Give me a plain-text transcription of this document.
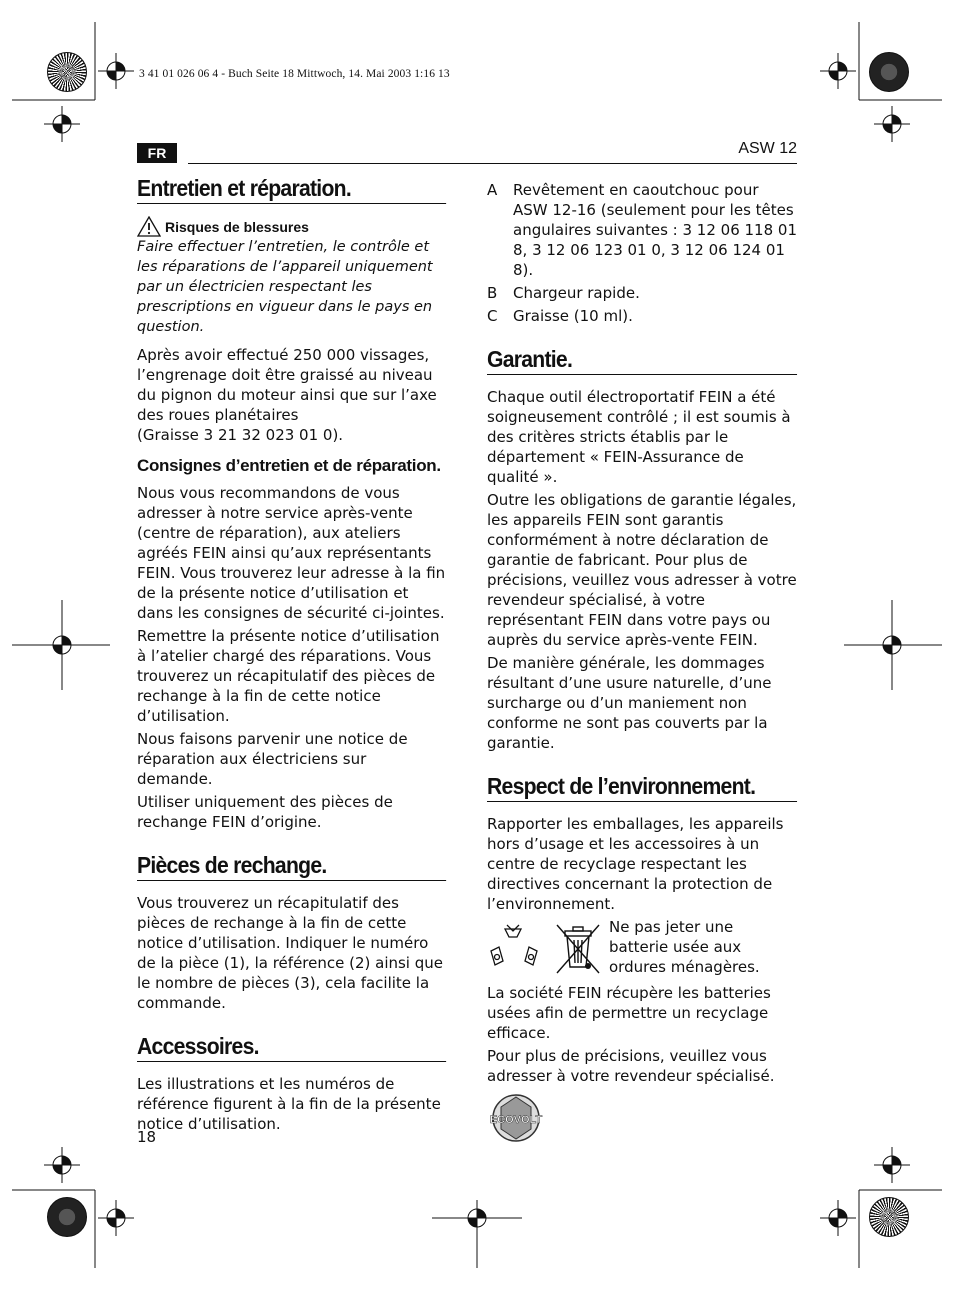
3 41 01 026 06 4 - Buch Seite 18 Mittwoch, 14. Mai 2003 1:16 13
FR	ASW 12
Entretien et réparation.
Risques de blessures

Faire effectuer l’entretien, le contrôle et les réparations de l’appareil uniquement par un électricien respectant les prescriptions en vigueur dans le pays en question.

Après avoir effectué 250 000 vissages, l’engrenage doit être graissé au niveau du pignon du moteur ainsi que sur l’axe des roues planétaires

(Graisse 3 21 32 023 01 0).

Consignes d’entretien et de réparation.

Nous vous recommandons de vous adresser à notre service après-vente (centre de réparation), aux ateliers agréés FEIN ainsi qu’aux représentants FEIN. Vous trouverez leur adresse à la fin de la présente notice d’utilisation et dans les consignes de sécurité ci-jointes.

Remettre la présente notice d’utilisation à l’atelier chargé des réparations. Vous trouverez un récapitulatif des pièces de rechange à la fin de cette notice d’utilisation.

Nous faisons parvenir une notice de réparation aux électriciens sur demande.

Utiliser uniquement des pièces de rechange FEIN d’origine.

Pièces de rechange.

Vous trouverez un récapitulatif des pièces de rechange à la fin de cette notice d’utilisation. Indiquer le numéro de la pièce (1), la référence (2) ainsi que le nombre de pièces (3), cela facilite la commande.

Accessoires.

Les illustrations et les numéros de référence figurent à la fin de la présente notice d’utilisation.

A	Revêtement en caoutchouc pour ASW 12-16 (seulement pour les têtes angulaires suivantes : 3 12 06 118 01 8, 3 12 06 123 01 0, 3 12 06 124 01 8).
B	Chargeur rapide.
C	Graisse (10 ml).
Garantie.

Chaque outil électroportatif FEIN a été soigneusement contrôlé ; il est soumis à des critères stricts établis par le département « FEIN-Assurance de qualité ».

Outre les obligations de garantie légales, les appareils FEIN sont garantis conformément à notre déclaration de garantie de fabricant. Pour plus de précisions, veuillez vous adresser à votre revendeur spécialisé, à votre représentant FEIN dans votre pays ou auprès du service après-vente FEIN.

De manière générale, les dommages résultant d’une usure naturelle, d’une surcharge ou d’un maniement non conforme ne sont pas couverts par la garantie.

Respect de l’environnement.

Rapporter les emballages, les appareils hors d’usage et les accessoires à un centre de recyclage respectant les directives concernant la protection de l’environnement.

Ne pas jeter une batterie usée aux ordures ménagères.

La société FEIN récupère les batteries usées afin de permettre un recyclage efficace.

Pour plus de précisions, veuillez vous adresser à votre revendeur spécialisé.

ECOVOLT
18
